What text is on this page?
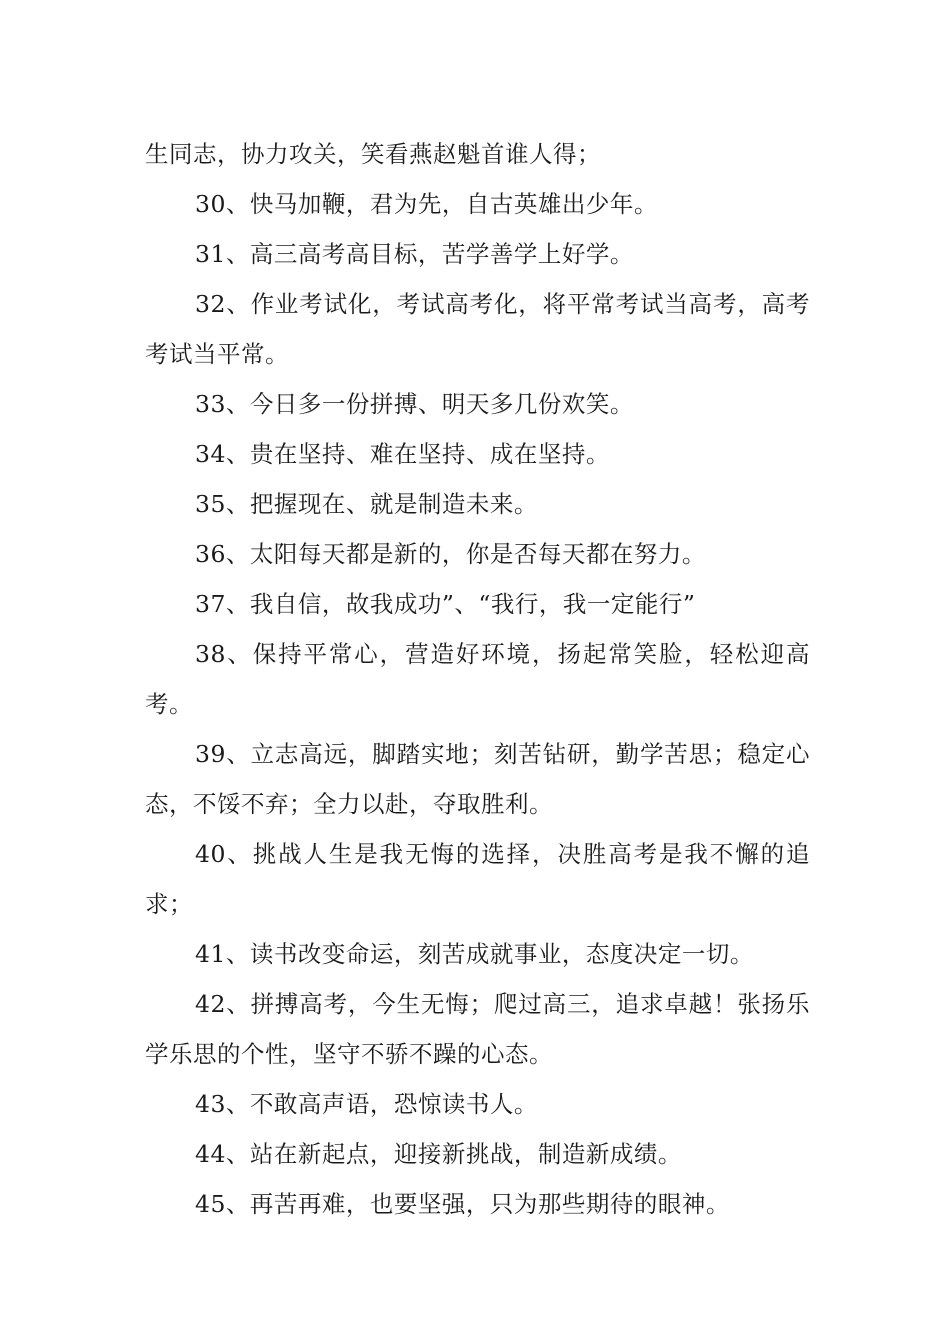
生同志，协力攻关，笑看燕赵魁首谁人得；

30、快马加鞭，君为先，自古英雄出少年。

31、高三高考高目标，苦学善学上好学。

32、作业考试化，考试高考化，将平常考试当高考，高考考试当平常。

33、今日多一份拼搏、明天多几份欢笑。

34、贵在坚持、难在坚持、成在坚持。

35、把握现在、就是制造未来。

36、太阳每天都是新的，你是否每天都在努力。

37、我自信，故我成功”、“我行，我一定能行”

38、保持平常心，营造好环境，扬起常笑脸，轻松迎高考。

39、立志高远，脚踏实地；刻苦钻研，勤学苦思；稳定心态，不馁不弃；全力以赴，夺取胜利。

40、挑战人生是我无悔的选择，决胜高考是我不懈的追求；

41、读书改变命运，刻苦成就事业，态度决定一切。

42、拼搏高考，今生无悔；爬过高三，追求卓越！张扬乐学乐思的个性，坚守不骄不躁的心态。

43、不敢高声语，恐惊读书人。

44、站在新起点，迎接新挑战，制造新成绩。

45、再苦再难，也要坚强，只为那些期待的眼神。
